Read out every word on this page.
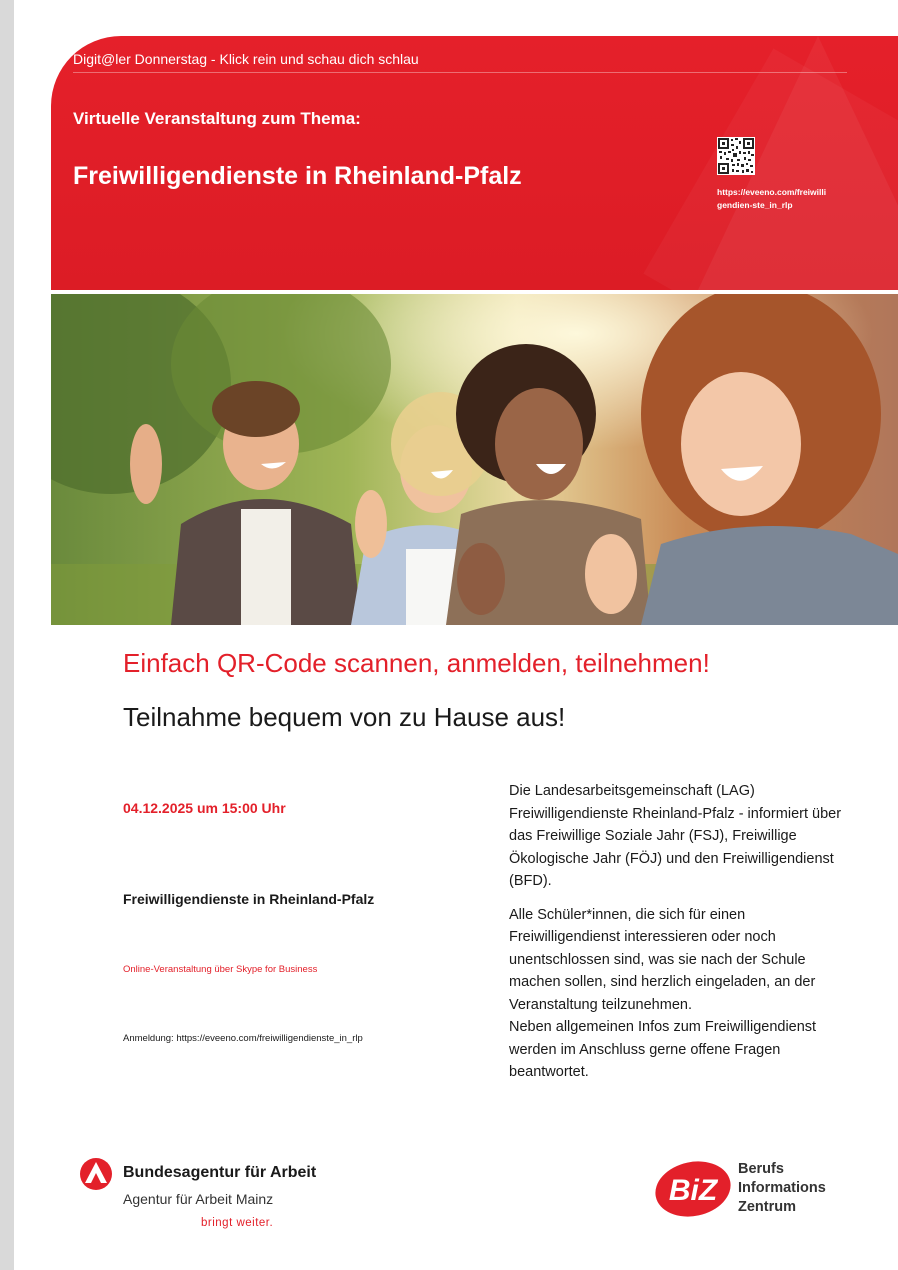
Digit@ler Donnerstag - Klick rein und schau dich schlau
Virtuelle Veranstaltung zum Thema:
Freiwilligendienste in Rheinland-Pfalz
https://eveeno.com/freiwilligendien-ste_in_rlp
Einfach QR-Code scannen, anmelden, teilnehmen!
Teilnahme bequem von zu Hause aus!
04.12.2025 um 15:00 Uhr
Freiwilligendienste in Rheinland-Pfalz
Online-Veranstaltung über Skype for Business
Anmeldung: https://eveeno.com/freiwilligendienste_in_rlp

Die Landesarbeitsgemeinschaft (LAG) Freiwilligendienste Rheinland-Pfalz - informiert über das Freiwillige Soziale Jahr (FSJ), Freiwillige Ökologische Jahr (FÖJ) und den Freiwilligendienst (BFD).

Alle Schüler*innen, die sich für einen Freiwilligendienst interessieren oder noch unentschlossen sind, was sie nach der Schule machen sollen, sind herzlich eingeladen, an der Veranstaltung teilzunehmen.

Neben allgemeinen Infos zum Freiwilligendienst werden im Anschluss gerne offene Fragen beantwortet.

Bundesagentur für Arbeit
Agentur für Arbeit Mainz
bringt weiter.
BiZ
Berufs
Informations
Zentrum
